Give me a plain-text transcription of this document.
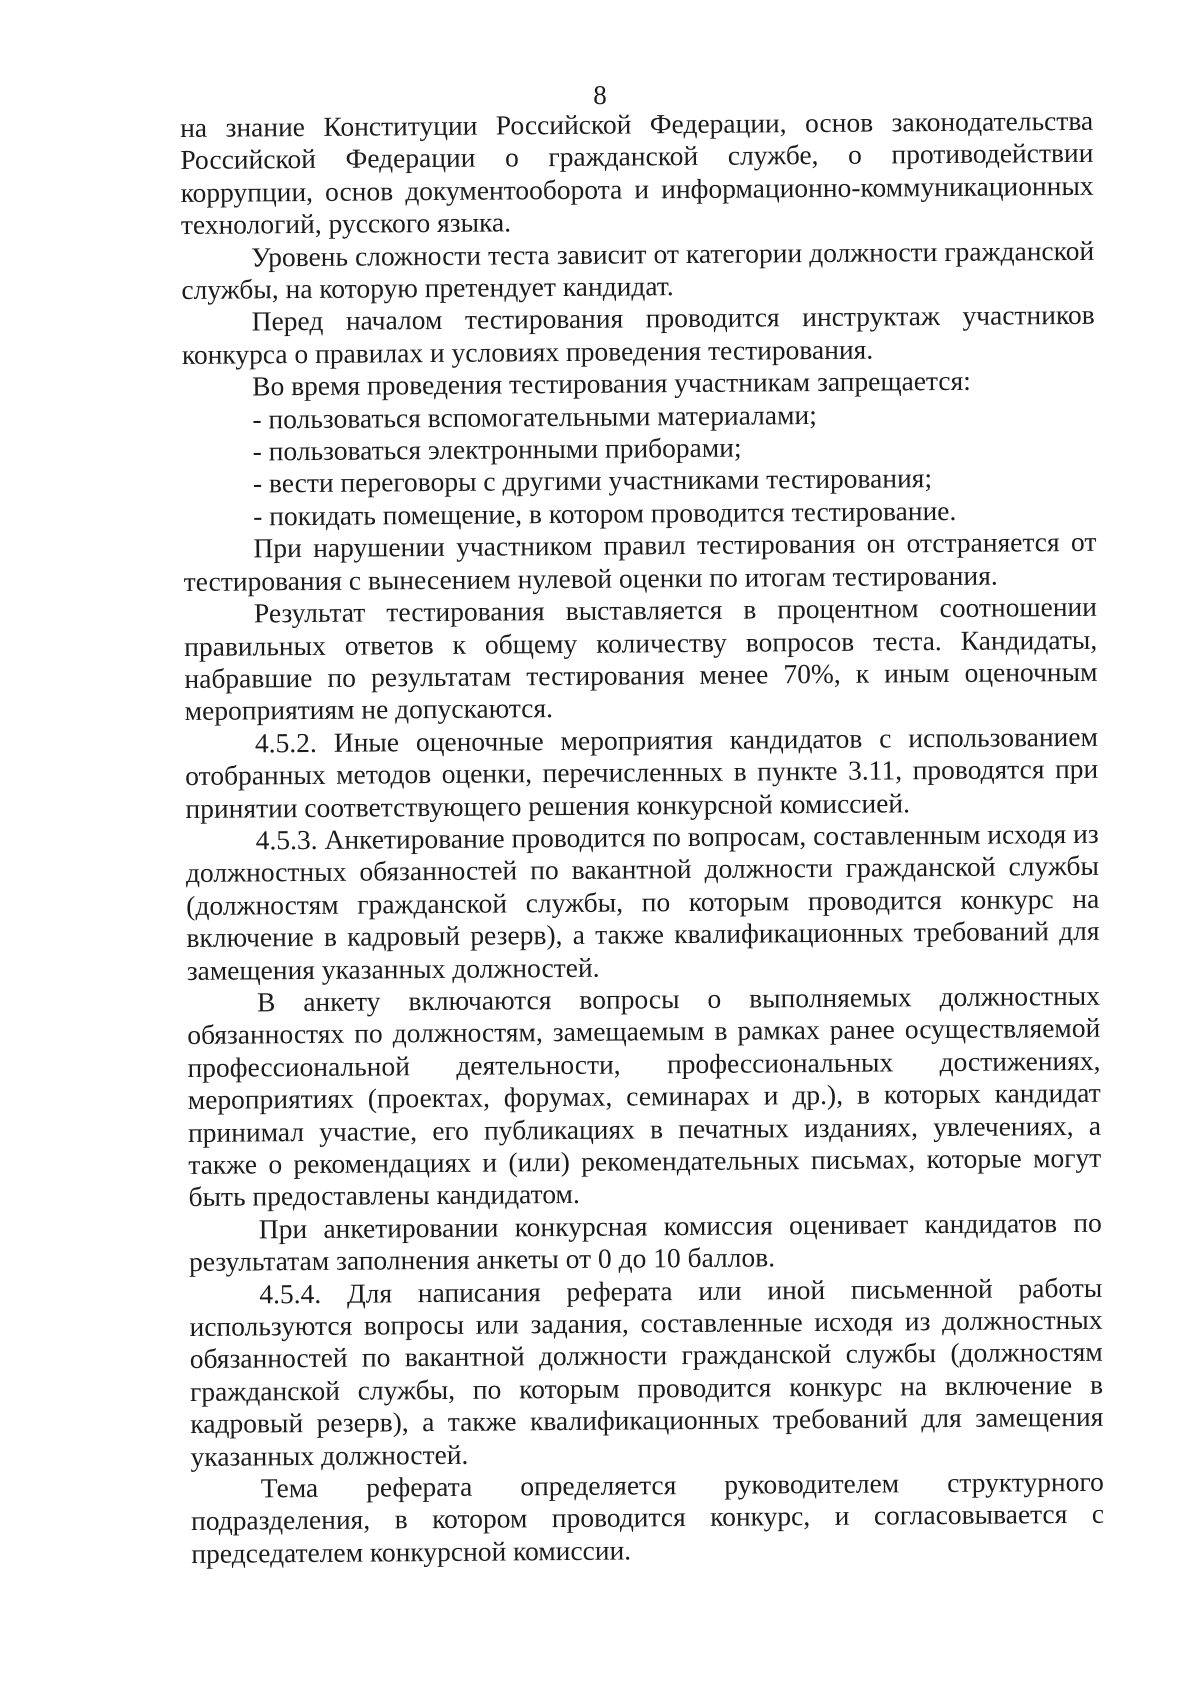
8

на знание Конституции Российской Федерации, основ законодательства Российской Федерации о гражданской службе, о противодействии коррупции, основ документооборота и информационно-коммуникационных технологий, русского языка.

Уровень сложности теста зависит от категории должности гражданской службы, на которую претендует кандидат.

Перед началом тестирования проводится инструктаж участников конкурса о правилах и условиях проведения тестирования.

Во время проведения тестирования участникам запрещается:

- пользоваться вспомогательными материалами;

- пользоваться электронными приборами;

- вести переговоры с другими участниками тестирования;

- покидать помещение, в котором проводится тестирование.

При нарушении участником правил тестирования он отстраняется от тестирования с вынесением нулевой оценки по итогам тестирования.

Результат тестирования выставляется в процентном соотношении правильных ответов к общему количеству вопросов теста. Кандидаты, набравшие по результатам тестирования менее 70%, к иным оценочным мероприятиям не допускаются.

4.5.2. Иные оценочные мероприятия кандидатов с использованием отобранных методов оценки, перечисленных в пункте 3.11, проводятся при принятии соответствующего решения конкурсной комиссией.

4.5.3. Анкетирование проводится по вопросам, составленным исходя из должностных обязанностей по вакантной должности гражданской службы (должностям гражданской службы, по которым проводится конкурс на включение в кадровый резерв), а также квалификационных требований для замещения указанных должностей.

В анкету включаются вопросы о выполняемых должностных обязанностях по должностям, замещаемым в рамках ранее осуществляемой профессиональной деятельности, профессиональных достижениях, мероприятиях (проектах, форумах, семинарах и др.), в которых кандидат принимал участие, его публикациях в печатных изданиях, увлечениях, а также о рекомендациях и (или) рекомендательных письмах, которые могут быть предоставлены кандидатом.

При анкетировании конкурсная комиссия оценивает кандидатов по результатам заполнения анкеты от 0 до 10 баллов.

4.5.4. Для написания реферата или иной письменной работы используются вопросы или задания, составленные исходя из должностных обязанностей по вакантной должности гражданской службы (должностям гражданской службы, по которым проводится конкурс на включение в кадровый резерв), а также квалификационных требований для замещения указанных должностей.

Тема реферата определяется руководителем структурного подразделения, в котором проводится конкурс, и согласовывается с председателем конкурсной комиссии.
